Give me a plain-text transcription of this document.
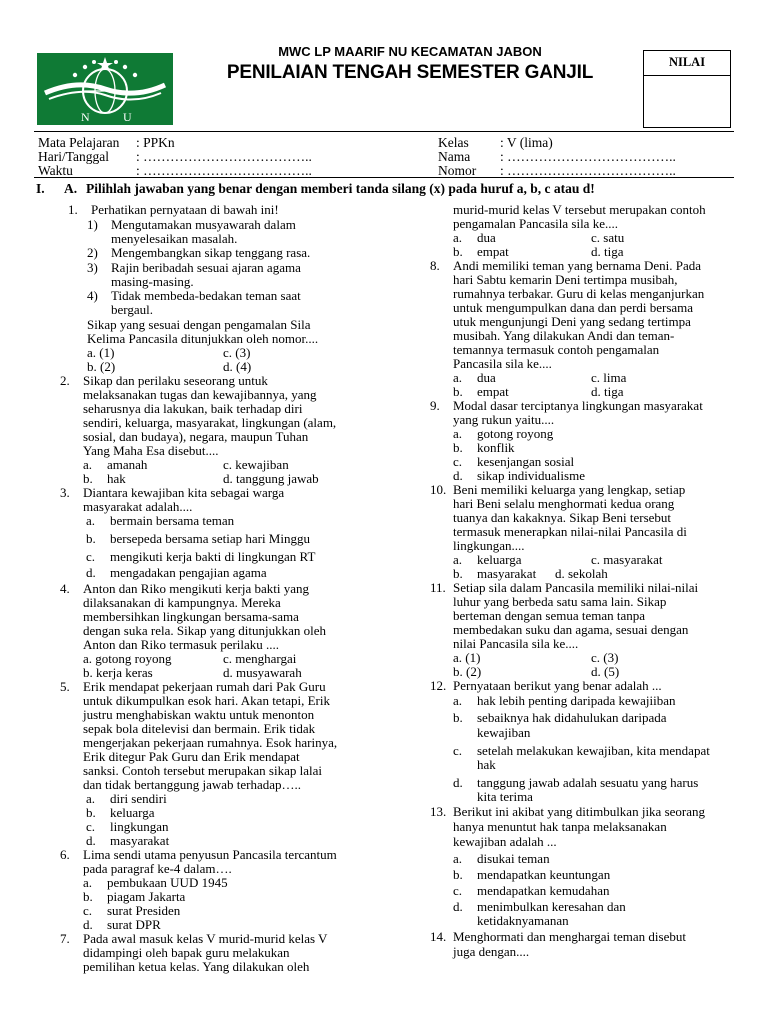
N	U
MWC LP MAARIF NU KECAMATAN JABON
PENILAIAN TENGAH SEMESTER GANJIL	NILAI
Mata Pelajaran : PPKn
Hari/Tanggal : ………………………………..
Waktu	: ………………………………..
Kelas : V (lima)
Nama : ………………………………..
Nomor : ………………………………..
I. A. Pilihlah jawaban yang benar dengan memberi tanda silang (x) pada huruf a, b, c atau d!
1. Perhatikan pernyataan di bawah ini!
1) Mengutamakan musyawarah dalam
menyelesaikan masalah.
2) Mengembangkan sikap tenggang rasa.
3) Rajin beribadah sesuai ajaran agama
masing-masing.
4) Tidak membeda-bedakan teman saat
bergaul.
Sikap yang sesuai dengan pengamalan Sila
Kelima Pancasila ditunjukkan oleh nomor....
a. (1)	c. (3)
b. (2)	d. (4)
2. Sikap dan perilaku seseorang untuk
melaksanakan tugas dan kewajibannya, yang
seharusnya dia lakukan, baik terhadap diri
sendiri, keluarga, masyarakat, lingkungan (alam,
sosial, dan budaya), negara, maupun Tuhan
Yang Maha Esa disebut....
a. amanah	c. kewajiban
b. hak	d. tanggung jawab
3. Diantara kewajiban kita sebagai warga
masyarakat adalah....
a. bermain bersama teman
b. bersepeda bersama setiap hari Minggu
c. mengikuti kerja bakti di lingkungan RT
d. mengadakan pengajian agama
4. Anton dan Riko mengikuti kerja bakti yang
dilaksanakan di kampungnya. Mereka
membersihkan lingkungan bersama-sama
dengan suka rela. Sikap yang ditunjukkan oleh
Anton dan Riko termasuk perilaku ....
a. gotong royong	c. menghargai
b. kerja keras	d. musyawarah
5. Erik mendapat pekerjaan rumah dari Pak Guru
untuk dikumpulkan esok hari. Akan tetapi, Erik
justru menghabiskan waktu untuk menonton
sepak bola ditelevisi dan bermain. Erik tidak
mengerjakan pekerjaan rumahnya. Esok harinya,
Erik ditegur Pak Guru dan Erik mendapat
sanksi. Contoh tersebut merupakan sikap lalai
dan tidak bertanggung jawab terhadap…..
a. diri sendiri
b. keluarga
c. lingkungan
d. masyarakat
6. Lima sendi utama penyusun Pancasila tercantum
pada paragraf ke-4 dalam….
a. pembukaan UUD 1945
b. piagam Jakarta
c. surat Presiden
d. surat DPR
7. Pada awal masuk kelas V murid-murid kelas V
didampingi oleh bapak guru melakukan
pemilihan ketua kelas. Yang dilakukan oleh
murid-murid kelas V tersebut merupakan contoh
pengamalan Pancasila sila ke....
a. dua	c. satu
b. empat	d. tiga
8. Andi memiliki teman yang bernama Deni. Pada
hari Sabtu kemarin Deni tertimpa musibah,
rumahnya terbakar. Guru di kelas menganjurkan
untuk mengumpulkan dana dan perdi bersama
utuk mengunjungi Deni yang sedang tertimpa
musibah. Yang dilakukan Andi dan teman-
temannya termasuk contoh pengamalan
Pancasila sila ke....
a. dua	c. lima
b. empat	d. tiga
9. Modal dasar terciptanya lingkungan masyarakat
yang rukun yaitu....
a. gotong royong
b. konflik
c. kesenjangan sosial
d. sikap individualisme
10. Beni memiliki keluarga yang lengkap, setiap
hari Beni selalu menghormati kedua orang
tuanya dan kakaknya. Sikap Beni tersebut
termasuk menerapkan nilai-nilai Pancasila di
lingkungan....
a. keluarga	c. masyarakat
b. masyarakat d. sekolah
11. Setiap sila dalam Pancasila memiliki nilai-nilai
luhur yang berbeda satu sama lain. Sikap
berteman dengan semua teman tanpa
membedakan suku dan agama, sesuai dengan
nilai Pancasila sila ke....
a. (1)	c. (3)
b. (2)	d. (5)
12. Pernyataan berikut yang benar adalah ...
a. hak lebih penting daripada kewajiiban
b. sebaiknya hak didahulukan daripada
kewajiban
c. setelah melakukan kewajiban, kita mendapat
hak
d. tanggung jawab adalah sesuatu yang harus
kita terima
13. Berikut ini akibat yang ditimbulkan jika seorang
hanya menuntut hak tanpa melaksanakan
kewajiban adalah ...
a. disukai teman
b. mendapatkan keuntungan
c. mendapatkan kemudahan
d. menimbulkan keresahan dan
ketidaknyamanan
14. Menghormati dan menghargai teman disebut
juga dengan....
